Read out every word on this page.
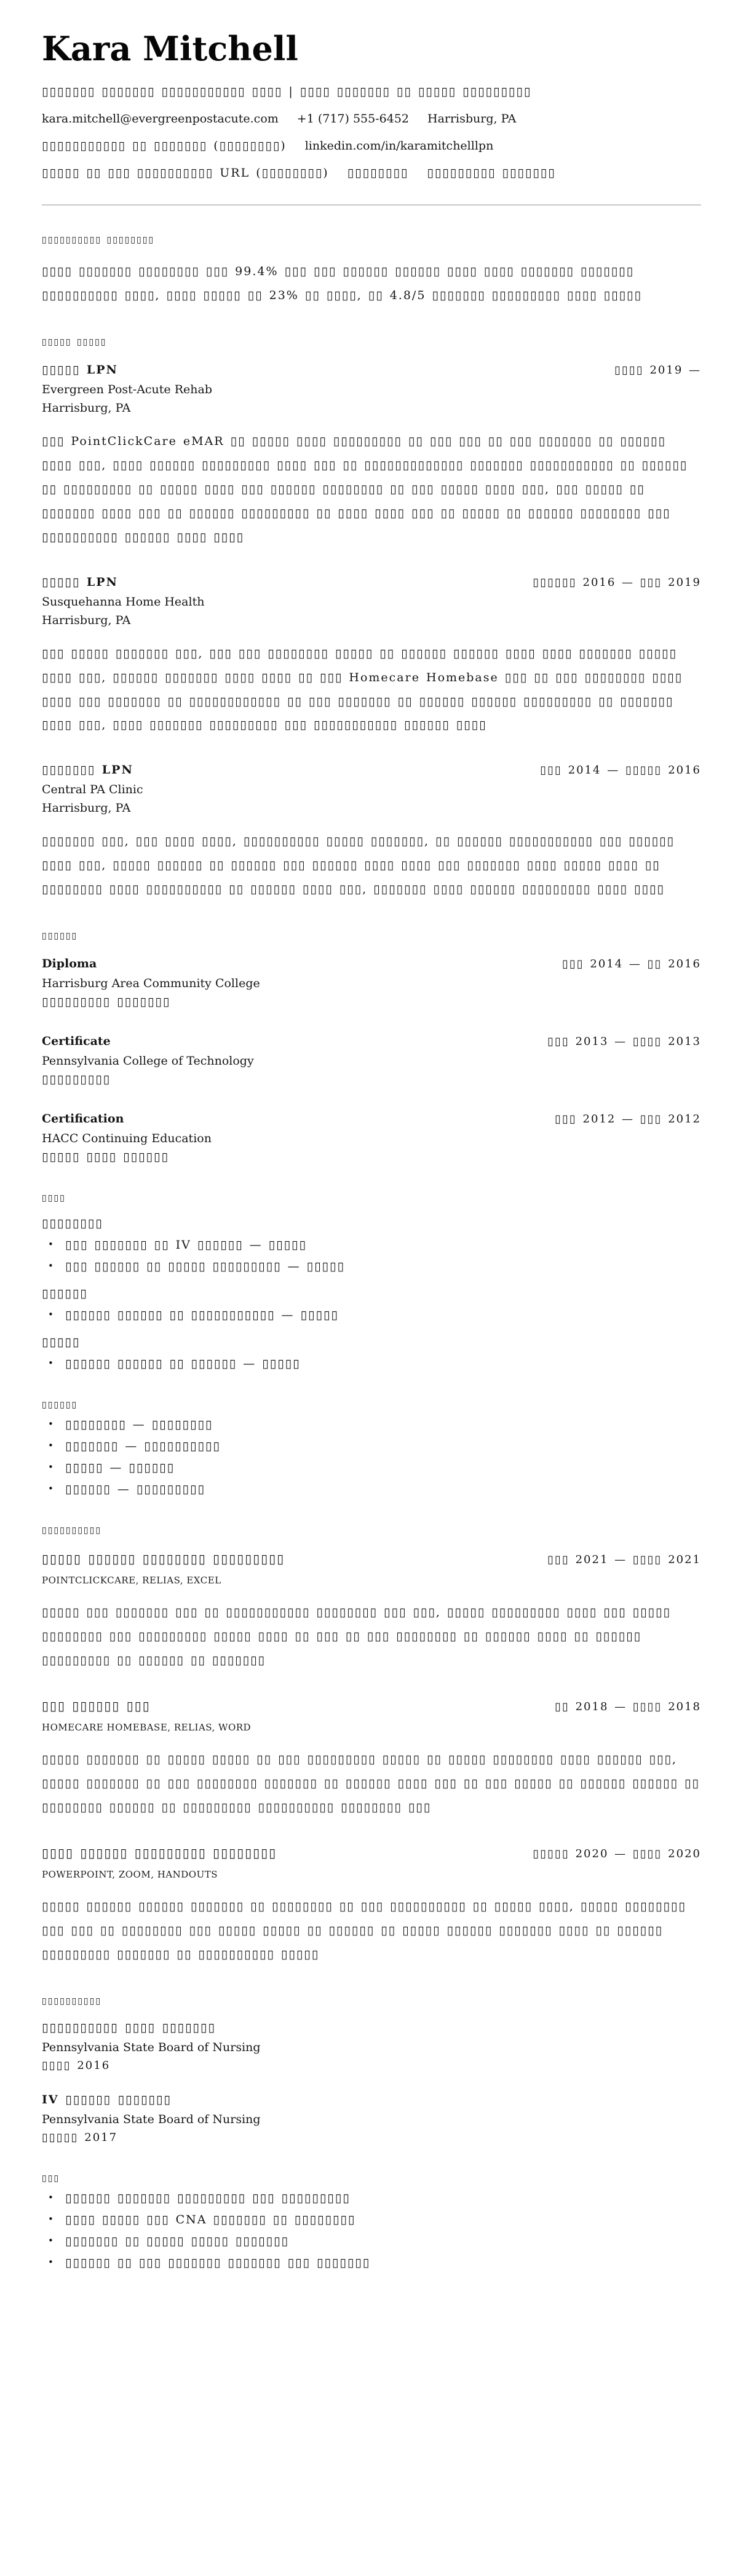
Kara Mitchell

▯▯▯▯▯▯▯ ▯▯▯▯▯▯▯ ▯▯▯▯▯▯▯▯▯▯▯ ▯▯▯▯ | ▯▯▯▯ ▯▯▯▯▯▯▯ ▯▯ ▯▯▯▯▯ ▯▯▯▯▯▯▯▯▯

kara.mitchell@evergreenpostacute.com +1 (717) 555-6452 Harrisburg, PA
▯▯▯▯▯▯▯▯▯▯▯ ▯▯ ▯▯▯▯▯▯▯ (▯▯▯▯▯▯▯▯) linkedin.com/in/karamitchelllpn
▯▯▯▯▯ ▯▯ ▯▯▯ ▯▯▯▯▯▯▯▯▯▯ URL (▯▯▯▯▯▯▯▯) ▯▯▯▯▯▯▯▯ ▯▯▯▯▯▯▯▯▯ ▯▯▯▯▯▯▯
▯▯▯▯▯▯▯▯▯▯ ▯▯▯▯▯▯▯▯

▯▯▯▯ ▯▯▯▯▯▯▯ ▯▯▯▯▯▯▯▯ ▯▯▯ 99.4% ▯▯▯ ▯▯▯ ▯▯▯▯▯▯ ▯▯▯▯▯▯ ▯▯▯▯ ▯▯▯▯ ▯▯▯▯▯▯▯ ▯▯▯▯▯▯▯ ▯▯▯▯▯▯▯▯▯▯ ▯▯▯▯, ▯▯▯▯ ▯▯▯▯▯ ▯▯ 23% ▯▯ ▯▯▯▯, ▯▯ 4.8/5 ▯▯▯▯▯▯▯ ▯▯▯▯▯▯▯▯▯ ▯▯▯▯ ▯▯▯▯▯

▯▯▯▯▯ ▯▯▯▯▯
▯▯▯▯▯ LPN	▯▯▯▯ 2019 —

Evergreen Post-Acute Rehab

Harrisburg, PA

▯▯▯ PointClickCare eMAR ▯▯ ▯▯▯▯▯ ▯▯▯▯ ▯▯▯▯▯▯▯▯▯ ▯▯ ▯▯▯ ▯▯▯ ▯▯ ▯▯▯ ▯▯▯▯▯▯▯ ▯▯ ▯▯▯▯▯▯ ▯▯▯▯ ▯▯▯, ▯▯▯▯ ▯▯▯▯▯▯ ▯▯▯▯▯▯▯▯▯ ▯▯▯▯ ▯▯▯ ▯▯ ▯▯▯▯▯▯▯▯▯▯▯▯▯ ▯▯▯▯▯▯▯ ▯▯▯▯▯▯▯▯▯▯▯ ▯▯ ▯▯▯▯▯▯ ▯▯ ▯▯▯▯▯▯▯▯▯ ▯▯ ▯▯▯▯▯ ▯▯▯▯ ▯▯▯ ▯▯▯▯▯▯ ▯▯▯▯▯▯▯▯ ▯▯ ▯▯▯ ▯▯▯▯▯ ▯▯▯▯ ▯▯▯, ▯▯▯ ▯▯▯▯▯ ▯▯ ▯▯▯▯▯▯▯ ▯▯▯▯ ▯▯▯ ▯▯ ▯▯▯▯▯▯ ▯▯▯▯▯▯▯▯▯ ▯▯ ▯▯▯▯ ▯▯▯▯ ▯▯▯ ▯▯ ▯▯▯▯▯ ▯▯ ▯▯▯▯▯▯ ▯▯▯▯▯▯▯▯ ▯▯▯ ▯▯▯▯▯▯▯▯▯▯ ▯▯▯▯▯▯ ▯▯▯▯ ▯▯▯▯

▯▯▯▯▯ LPN	▯▯▯▯▯▯ 2016 — ▯▯▯ 2019

Susquehanna Home Health

Harrisburg, PA

▯▯▯ ▯▯▯▯▯ ▯▯▯▯▯▯▯ ▯▯▯, ▯▯▯ ▯▯▯ ▯▯▯▯▯▯▯▯ ▯▯▯▯▯ ▯▯ ▯▯▯▯▯▯ ▯▯▯▯▯▯ ▯▯▯▯ ▯▯▯▯ ▯▯▯▯▯▯▯ ▯▯▯▯▯ ▯▯▯▯ ▯▯▯, ▯▯▯▯▯▯ ▯▯▯▯▯▯▯ ▯▯▯▯ ▯▯▯▯ ▯▯ ▯▯▯ Homecare Homebase ▯▯▯ ▯▯ ▯▯▯ ▯▯▯▯▯▯▯▯ ▯▯▯▯ ▯▯▯▯ ▯▯▯ ▯▯▯▯▯▯▯ ▯▯ ▯▯▯▯▯▯▯▯▯▯▯▯ ▯▯ ▯▯▯ ▯▯▯▯▯▯▯ ▯▯ ▯▯▯▯▯▯ ▯▯▯▯▯▯ ▯▯▯▯▯▯▯▯▯ ▯▯ ▯▯▯▯▯▯▯ ▯▯▯▯ ▯▯▯, ▯▯▯▯ ▯▯▯▯▯▯▯ ▯▯▯▯▯▯▯▯▯ ▯▯▯ ▯▯▯▯▯▯▯▯▯▯▯ ▯▯▯▯▯▯ ▯▯▯▯

▯▯▯▯▯▯▯ LPN	▯▯▯ 2014 — ▯▯▯▯▯ 2016

Central PA Clinic

Harrisburg, PA

▯▯▯▯▯▯▯ ▯▯▯, ▯▯▯ ▯▯▯▯ ▯▯▯▯, ▯▯▯▯▯▯▯▯▯▯ ▯▯▯▯▯ ▯▯▯▯▯▯▯, ▯▯ ▯▯▯▯▯▯ ▯▯▯▯▯▯▯▯▯▯▯ ▯▯▯ ▯▯▯▯▯▯ ▯▯▯▯ ▯▯▯, ▯▯▯▯▯ ▯▯▯▯▯▯ ▯▯ ▯▯▯▯▯▯ ▯▯▯ ▯▯▯▯▯▯ ▯▯▯▯ ▯▯▯▯ ▯▯▯ ▯▯▯▯▯▯▯ ▯▯▯▯ ▯▯▯▯▯ ▯▯▯▯ ▯▯ ▯▯▯▯▯▯▯▯ ▯▯▯▯ ▯▯▯▯▯▯▯▯▯▯ ▯▯ ▯▯▯▯▯▯ ▯▯▯▯ ▯▯▯, ▯▯▯▯▯▯▯ ▯▯▯▯ ▯▯▯▯▯▯ ▯▯▯▯▯▯▯▯▯ ▯▯▯▯ ▯▯▯▯

▯▯▯▯▯▯
Diploma	▯▯▯ 2014 — ▯▯ 2016

Harrisburg Area Community College

▯▯▯▯▯▯▯▯▯ ▯▯▯▯▯▯▯

Certificate	▯▯▯ 2013 — ▯▯▯▯ 2013

Pennsylvania College of Technology

▯▯▯▯▯▯▯▯▯

Certification	▯▯▯ 2012 — ▯▯▯ 2012

HACC Continuing Education

▯▯▯▯▯ ▯▯▯▯ ▯▯▯▯▯▯

▯▯▯▯
▯▯▯▯▯▯▯▯
• ▯▯▯ ▯▯▯▯▯▯▯ ▯▯ IV ▯▯▯▯▯▯ — ▯▯▯▯▯
• ▯▯▯ ▯▯▯▯▯▯ ▯▯ ▯▯▯▯▯ ▯▯▯▯▯▯▯▯▯ — ▯▯▯▯▯
▯▯▯▯▯▯
• ▯▯▯▯▯▯ ▯▯▯▯▯▯ ▯▯ ▯▯▯▯▯▯▯▯▯▯▯ — ▯▯▯▯▯
▯▯▯▯▯
• ▯▯▯▯▯▯ ▯▯▯▯▯▯ ▯▯ ▯▯▯▯▯▯ — ▯▯▯▯▯
▯▯▯▯▯▯
• ▯▯▯▯▯▯▯▯ — ▯▯▯▯▯▯▯▯
• ▯▯▯▯▯▯▯ — ▯▯▯▯▯▯▯▯▯▯
• ▯▯▯▯▯ — ▯▯▯▯▯▯
• ▯▯▯▯▯▯ — ▯▯▯▯▯▯▯▯▯
▯▯▯▯▯▯▯▯▯▯
▯▯▯▯▯ ▯▯▯▯▯▯ ▯▯▯▯▯▯▯▯ ▯▯▯▯▯▯▯▯▯	▯▯▯ 2021 — ▯▯▯▯ 2021

POINTCLICKCARE, RELIAS, EXCEL

▯▯▯▯▯ ▯▯▯ ▯▯▯▯▯▯▯ ▯▯▯ ▯▯ ▯▯▯▯▯▯▯▯▯▯▯ ▯▯▯▯▯▯▯▯ ▯▯▯ ▯▯▯, ▯▯▯▯▯ ▯▯▯▯▯▯▯▯▯ ▯▯▯▯ ▯▯▯ ▯▯▯▯▯ ▯▯▯▯▯▯▯▯ ▯▯▯ ▯▯▯▯▯▯▯▯▯ ▯▯▯▯▯ ▯▯▯▯ ▯▯ ▯▯▯ ▯▯ ▯▯▯ ▯▯▯▯▯▯▯▯ ▯▯ ▯▯▯▯▯▯ ▯▯▯▯ ▯▯ ▯▯▯▯▯▯ ▯▯▯▯▯▯▯▯▯ ▯▯ ▯▯▯▯▯▯ ▯▯ ▯▯▯▯▯▯▯

▯▯▯ ▯▯▯▯▯▯ ▯▯▯	▯▯ 2018 — ▯▯▯▯ 2018

HOMECARE HOMEBASE, RELIAS, WORD

▯▯▯▯▯ ▯▯▯▯▯▯▯ ▯▯ ▯▯▯▯▯ ▯▯▯▯▯ ▯▯ ▯▯▯ ▯▯▯▯▯▯▯▯▯ ▯▯▯▯▯ ▯▯ ▯▯▯▯▯ ▯▯▯▯▯▯▯▯ ▯▯▯▯ ▯▯▯▯▯▯ ▯▯▯, ▯▯▯▯▯ ▯▯▯▯▯▯▯ ▯▯ ▯▯▯ ▯▯▯▯▯▯▯▯ ▯▯▯▯▯▯▯ ▯▯ ▯▯▯▯▯▯ ▯▯▯▯ ▯▯▯ ▯▯ ▯▯▯ ▯▯▯▯▯ ▯▯ ▯▯▯▯▯▯ ▯▯▯▯▯▯ ▯▯ ▯▯▯▯▯▯▯▯ ▯▯▯▯▯▯ ▯▯ ▯▯▯▯▯▯▯▯▯ ▯▯▯▯▯▯▯▯▯▯ ▯▯▯▯▯▯▯▯ ▯▯▯

▯▯▯▯ ▯▯▯▯▯▯ ▯▯▯▯▯▯▯▯▯ ▯▯▯▯▯▯▯▯	▯▯▯▯▯ 2020 — ▯▯▯▯ 2020

POWERPOINT, ZOOM, HANDOUTS

▯▯▯▯▯ ▯▯▯▯▯▯ ▯▯▯▯▯▯ ▯▯▯▯▯▯▯ ▯▯ ▯▯▯▯▯▯▯▯ ▯▯ ▯▯▯ ▯▯▯▯▯▯▯▯▯▯ ▯▯ ▯▯▯▯▯ ▯▯▯▯, ▯▯▯▯▯ ▯▯▯▯▯▯▯▯ ▯▯▯ ▯▯▯ ▯▯ ▯▯▯▯▯▯▯▯ ▯▯▯ ▯▯▯▯▯ ▯▯▯▯▯ ▯▯ ▯▯▯▯▯▯ ▯▯ ▯▯▯▯▯ ▯▯▯▯▯▯ ▯▯▯▯▯▯▯ ▯▯▯▯ ▯▯ ▯▯▯▯▯▯ ▯▯▯▯▯▯▯▯▯ ▯▯▯▯▯▯▯ ▯▯ ▯▯▯▯▯▯▯▯▯▯ ▯▯▯▯▯

▯▯▯▯▯▯▯▯▯▯
▯▯▯▯▯▯▯▯▯▯ ▯▯▯▯ ▯▯▯▯▯▯▯

Pennsylvania State Board of Nursing

▯▯▯▯ 2016

IV ▯▯▯▯▯▯ ▯▯▯▯▯▯▯

Pennsylvania State Board of Nursing

▯▯▯▯▯ 2017

▯▯▯
• ▯▯▯▯▯▯ ▯▯▯▯▯▯▯ ▯▯▯▯▯▯▯▯▯ ▯▯▯ ▯▯▯▯▯▯▯▯▯
• ▯▯▯▯ ▯▯▯▯▯ ▯▯▯ CNA ▯▯▯▯▯▯▯ ▯▯ ▯▯▯▯▯▯▯▯
• ▯▯▯▯▯▯▯ ▯▯ ▯▯▯▯▯ ▯▯▯▯▯ ▯▯▯▯▯▯▯
• ▯▯▯▯▯▯ ▯▯ ▯▯▯ ▯▯▯▯▯▯▯ ▯▯▯▯▯▯▯ ▯▯▯ ▯▯▯▯▯▯▯
